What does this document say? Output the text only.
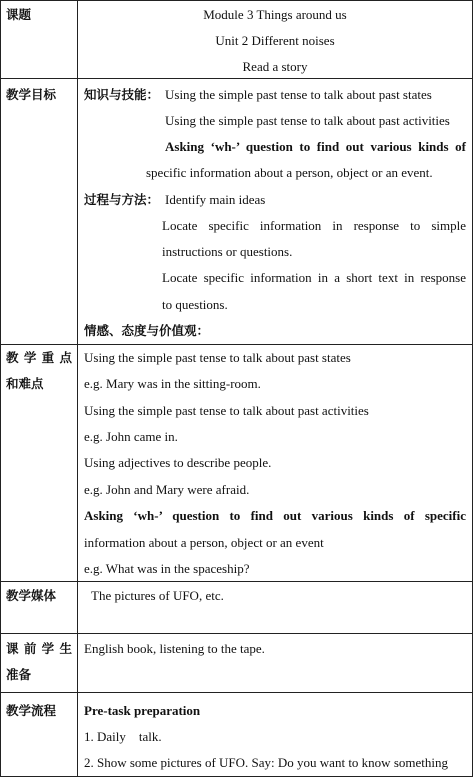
课题	Module 3 Things around us
Unit 2 Different noises
Read a story
教学目标 知识与技能： Using the simple past tense to talk about past states
Using the simple past tense to talk about past activities
Asking ‘wh-’ question to find out various kinds of
specific information about a person, object or an event.
过程与方法： Identify main ideas
Locate specific information in response to simple
instructions or questions.
Locate specific information in a short text in response
to questions.
情感、态度与价值观：
教 学 重 点
和难点
Using the simple past tense to talk about past states
e.g. Mary was in the sitting-room.
Using the simple past tense to talk about past activities
e.g. John came in.
Using adjectives to describe people.
e.g. John and Mary were afraid.
Asking ‘wh-’ question to find out various kinds of specific
information about a person, object or an event
e.g. What was in the spaceship?
教学媒体	The pictures of UFO, etc.
课 前 学 生
准备
English book, listening to the tape.
教学流程 Pre-task preparation
1. Daily    talk.
2. Show some pictures of UFO. Say: Do you want to know something
